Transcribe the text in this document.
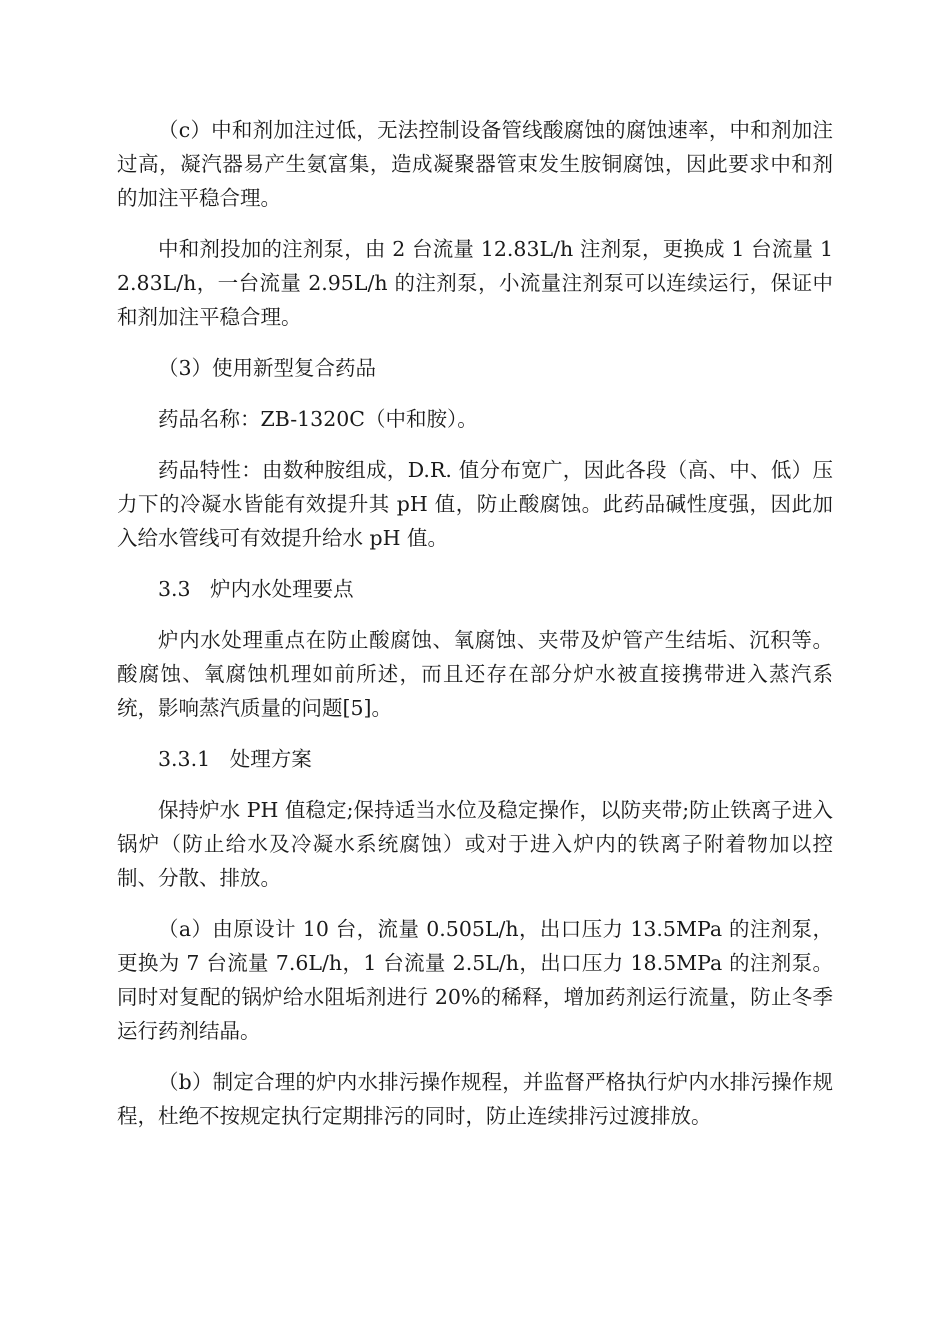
（c）中和剂加注过低，无法控制设备管线酸腐蚀的腐蚀速率，中和剂加注过高，凝汽器易产生氨富集，造成凝聚器管束发生胺铜腐蚀，因此要求中和剂的加注平稳合理。

中和剂投加的注剂泵，由 2 台流量 12.83L/h 注剂泵，更换成 1 台流量 12.83L/h，一台流量 2.95L/h 的注剂泵，小流量注剂泵可以连续运行，保证中和剂加注平稳合理。

（3）使用新型复合药品

药品名称：ZB-1320C（中和胺）。

药品特性：由数种胺组成，D.R. 值分布宽广，因此各段（高、中、低）压力下的冷凝水皆能有效提升其 pH 值，防止酸腐蚀。此药品碱性度强，因此加入给水管线可有效提升给水 pH 值。

3.3   炉内水处理要点

炉内水处理重点在防止酸腐蚀、氧腐蚀、夹带及炉管产生结垢、沉积等。酸腐蚀、氧腐蚀机理如前所述，而且还存在部分炉水被直接携带进入蒸汽系统，影响蒸汽质量的问题[5]。

3.3.1   处理方案

保持炉水 PH 值稳定;保持适当水位及稳定操作，以防夹带;防止铁离子进入锅炉（防止给水及冷凝水系统腐蚀）或对于进入炉内的铁离子附着物加以控制、分散、排放。

（a）由原设计 10 台，流量 0.505L/h，出口压力 13.5MPa 的注剂泵，更换为 7 台流量 7.6L/h，1 台流量 2.5L/h，出口压力 18.5MPa 的注剂泵。同时对复配的锅炉给水阻垢剂进行 20%的稀释，增加药剂运行流量，防止冬季运行药剂结晶。

（b）制定合理的炉内水排污操作规程，并监督严格执行炉内水排污操作规程，杜绝不按规定执行定期排污的同时，防止连续排污过渡排放。
